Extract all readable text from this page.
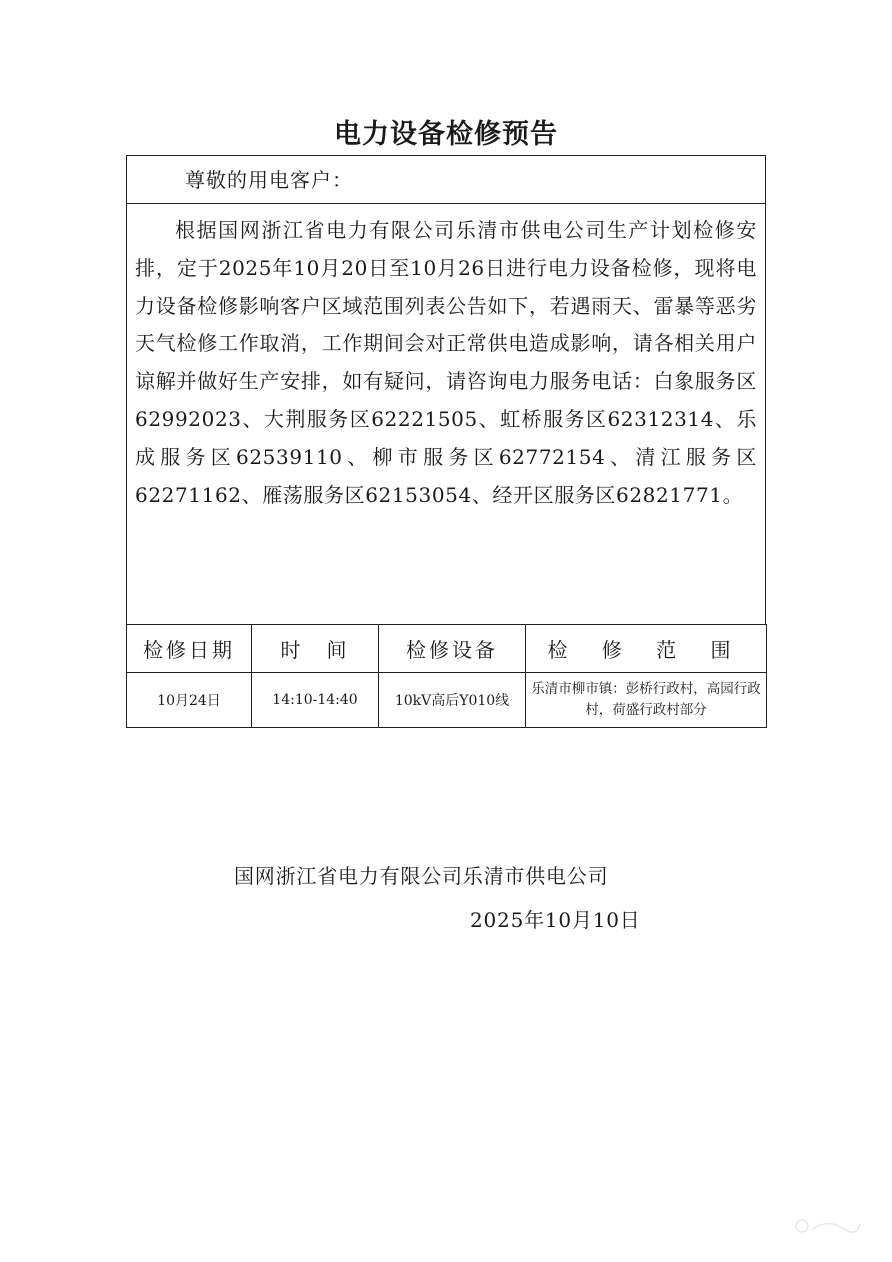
电力设备检修预告
尊敬的用电客户：
根据国网浙江省电力有限公司乐清市供电公司生产计划检修安排，定于2025年10月20日至10月26日进行电力设备检修，现将电力设备检修影响客户区域范围列表公告如下，若遇雨天、雷暴等恶劣天气检修工作取消，工作期间会对正常供电造成影响，请各相关用户谅解并做好生产安排，如有疑问，请咨询电力服务电话：白象服务区62992023、大荆服务区62221505、虹桥服务区62312314、乐成服务区62539110、柳市服务区62772154、清江服务区62271162、雁荡服务区62153054、经开区服务区62821771。
检修日期	时　间	检修设备	检 修 范 围
10月24日	14:10-14:40	10kV高后Y010线	乐清市柳市镇：彭桥行政村，高园行政村，荷盛行政村部分
国网浙江省电力有限公司乐清市供电公司
2025年10月10日
